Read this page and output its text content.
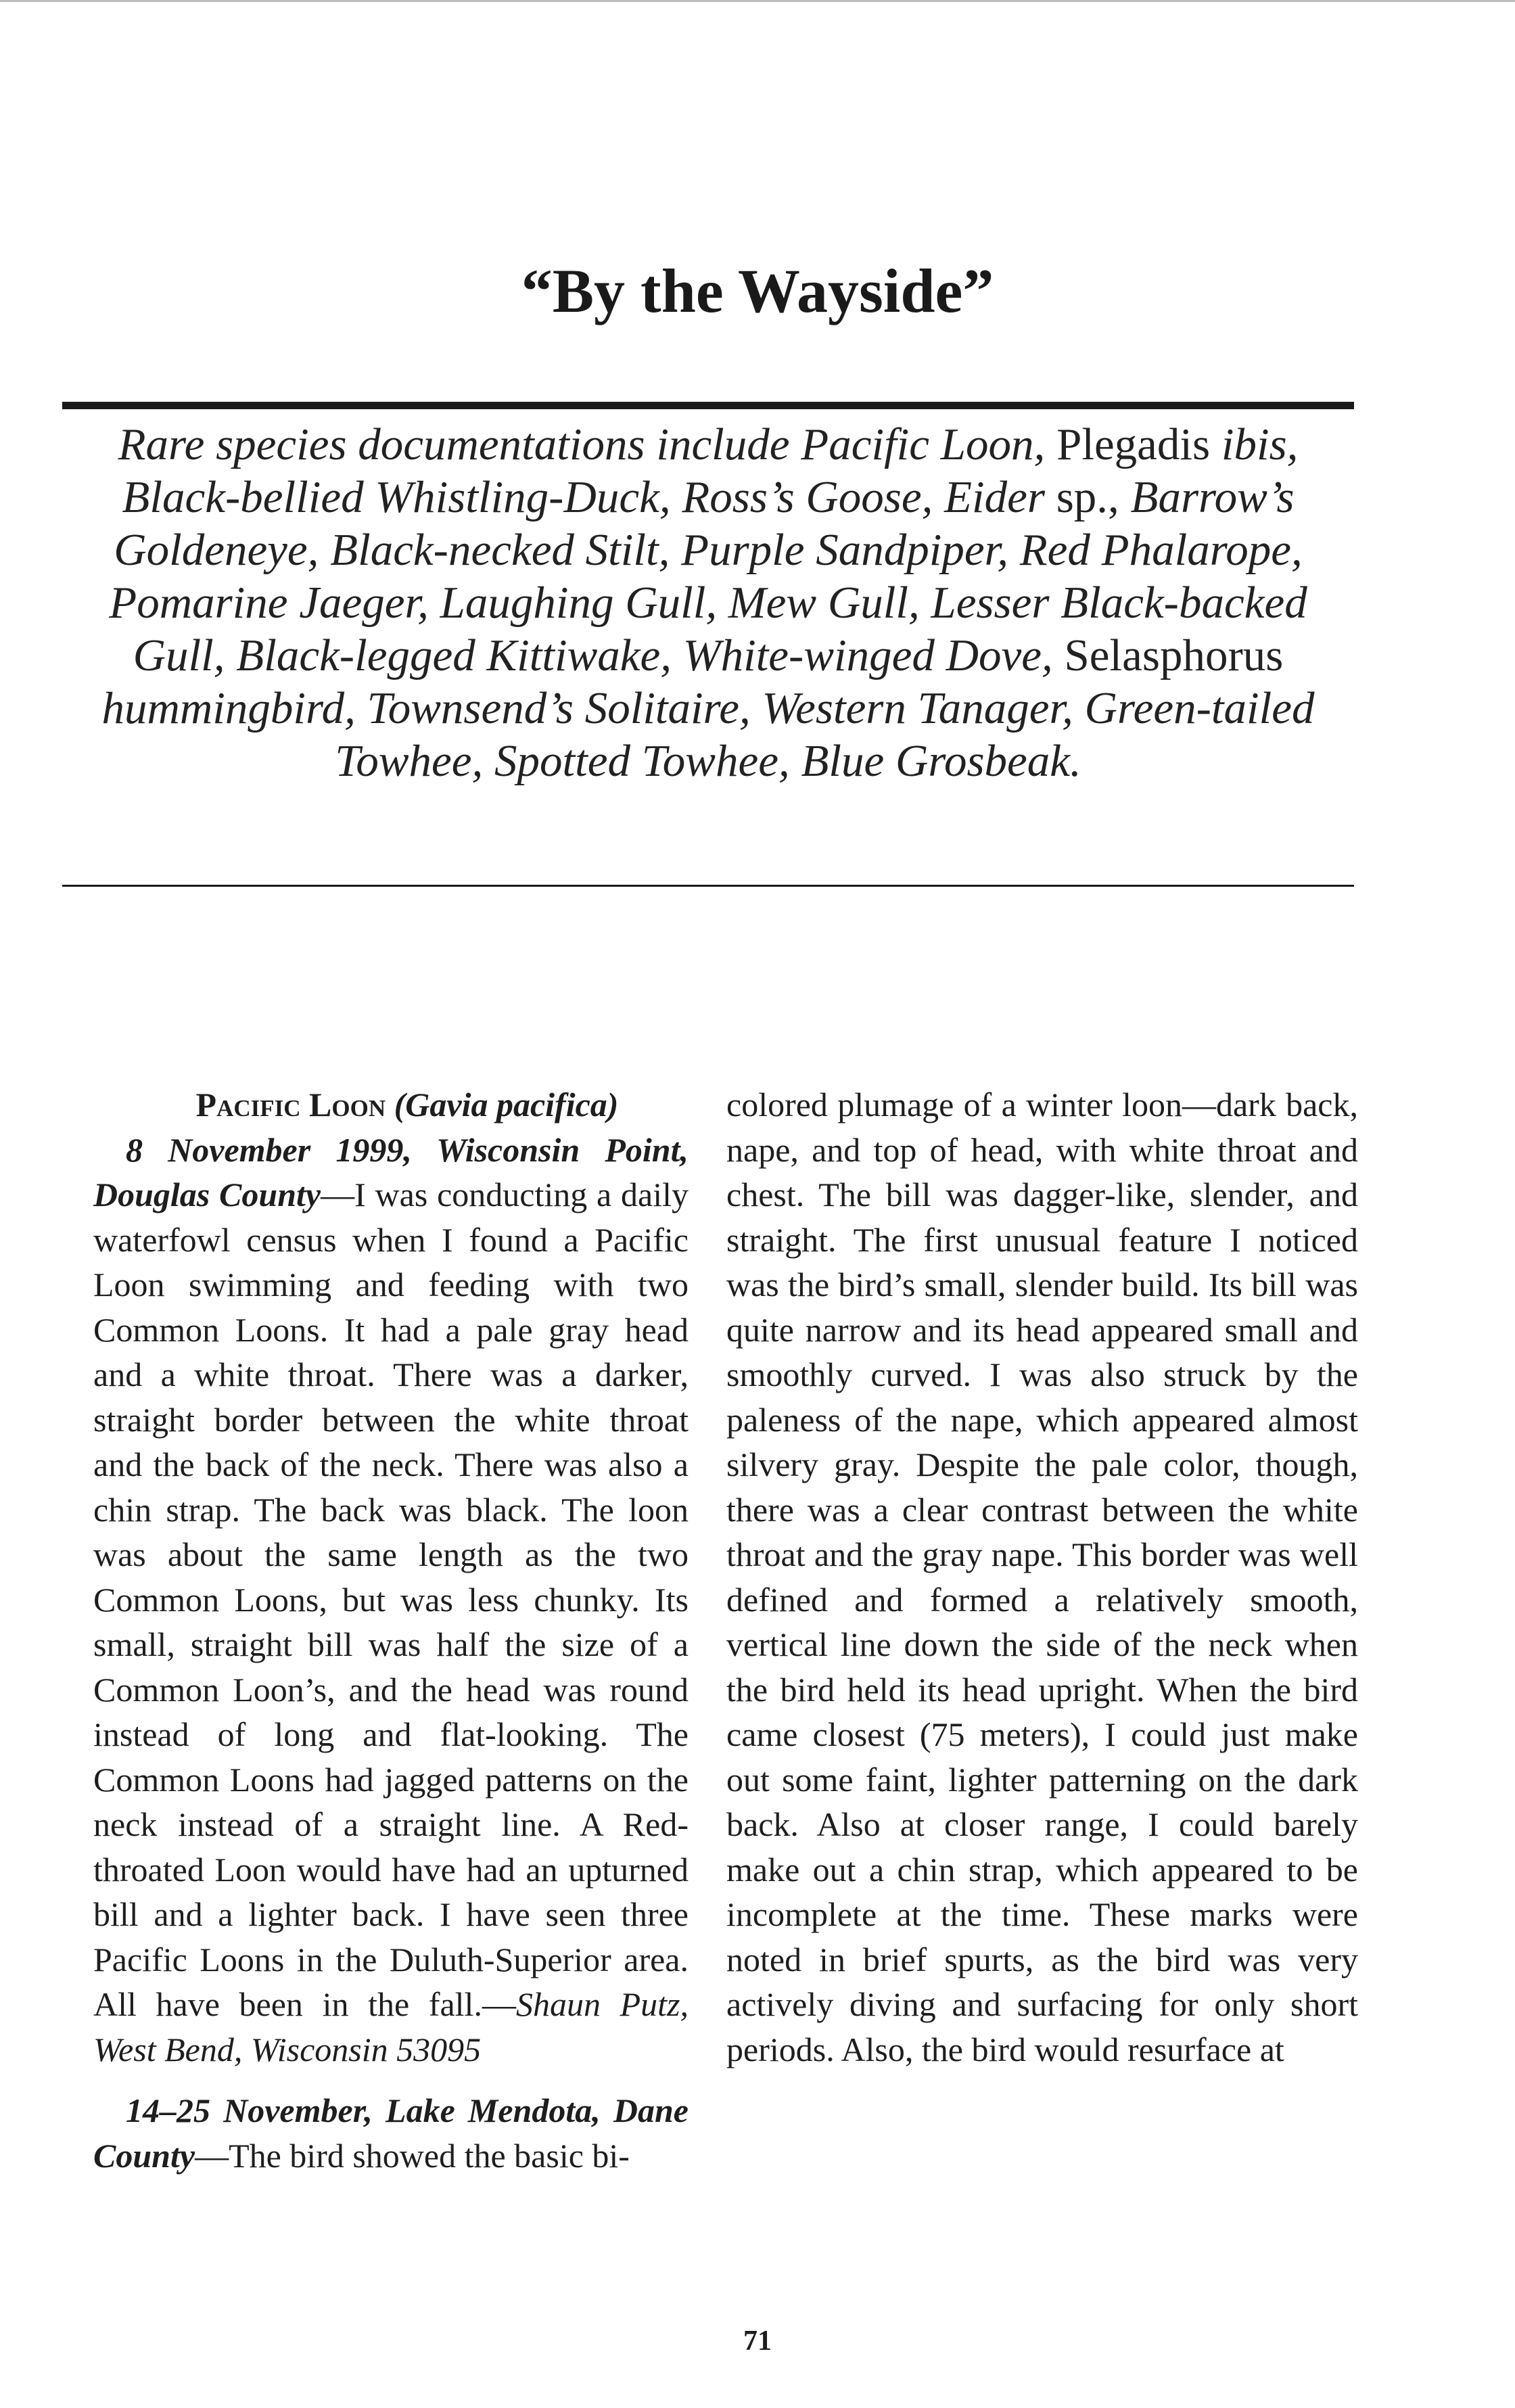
“By the Wayside”
Rare species documentations include Pacific Loon, Plegadis ibis, Black-bellied Whistling-Duck, Ross’s Goose, Eider sp., Barrow’s Goldeneye, Black-necked Stilt, Purple Sandpiper, Red Phalarope, Pomarine Jaeger, Laughing Gull, Mew Gull, Lesser Black-backed Gull, Black-legged Kittiwake, White-winged Dove, Selasphorus hummingbird, Townsend’s Solitaire, Western Tanager, Green-tailed Towhee, Spotted Towhee, Blue Grosbeak.

Pacific Loon (Gavia pacifica)

8 November 1999, Wisconsin Point, Douglas County—I was conducting a daily waterfowl census when I found a Pacific Loon swimming and feeding with two Common Loons. It had a pale gray head and a white throat. There was a darker, straight border between the white throat and the back of the neck. There was also a chin strap. The back was black. The loon was about the same length as the two Common Loons, but was less chunky. Its small, straight bill was half the size of a Common Loon’s, and the head was round instead of long and flat-looking. The Common Loons had jagged patterns on the neck instead of a straight line. A Red-throated Loon would have had an upturned bill and a lighter back. I have seen three Pacific Loons in the Duluth-Superior area. All have been in the fall.—Shaun Putz, West Bend, Wisconsin 53095

14–25 November, Lake Mendota, Dane County—The bird showed the basic bi-

colored plumage of a winter loon—dark back, nape, and top of head, with white throat and chest. The bill was dagger-like, slender, and straight. The first unusual feature I noticed was the bird’s small, slender build. Its bill was quite narrow and its head appeared small and smoothly curved. I was also struck by the paleness of the nape, which appeared almost silvery gray. Despite the pale color, though, there was a clear contrast between the white throat and the gray nape. This border was well defined and formed a relatively smooth, vertical line down the side of the neck when the bird held its head upright. When the bird came closest (75 meters), I could just make out some faint, lighter patterning on the dark back. Also at closer range, I could barely make out a chin strap, which appeared to be incomplete at the time. These marks were noted in brief spurts, as the bird was very actively diving and surfacing for only short periods. Also, the bird would resurface at

71
